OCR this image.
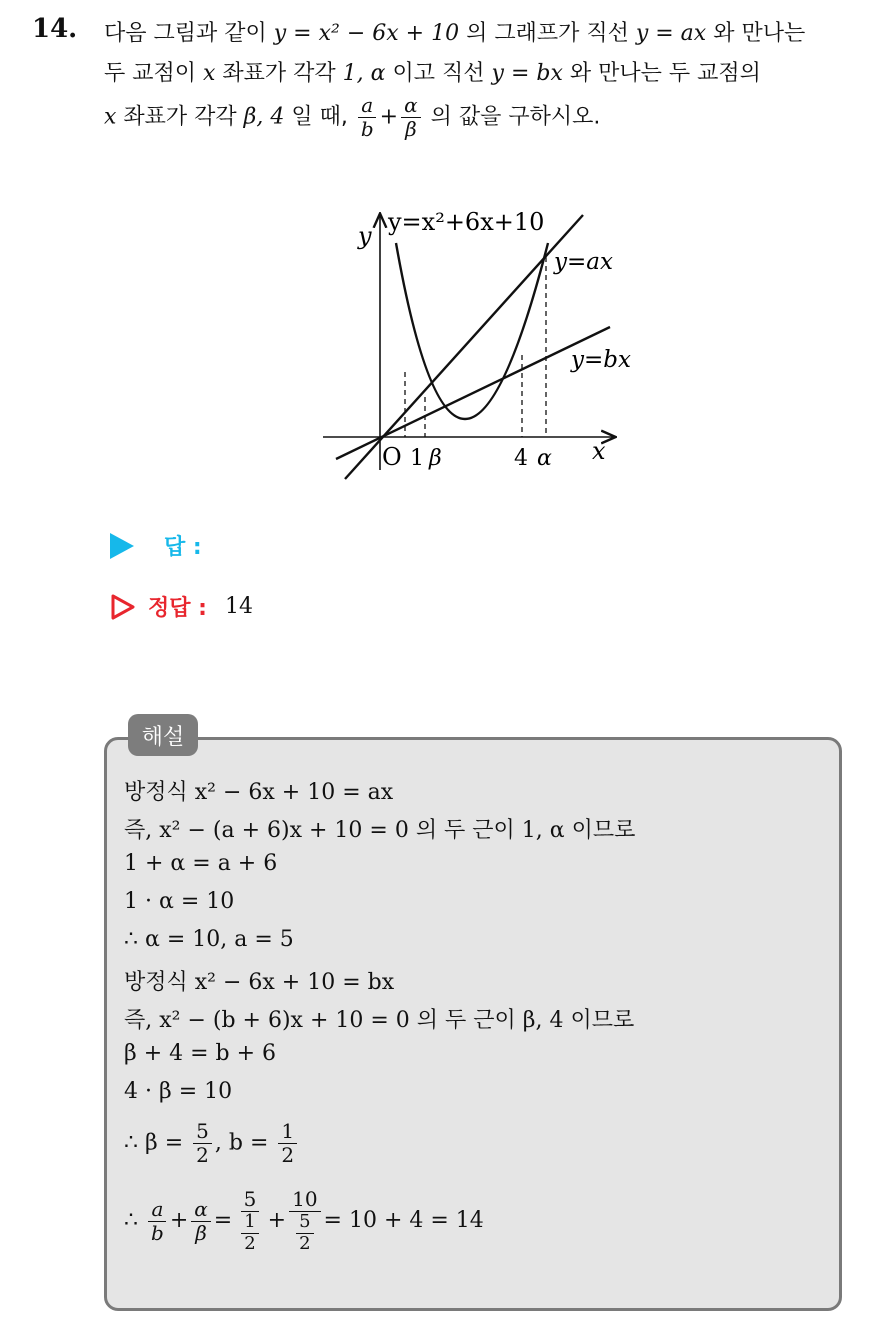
14. 다음 그림과 같이 y = x² − 6x + 10 의 그래프가 직선 y = ax 와 만나는
두 교점이 x 좌표가 각각 1, α 이고 직선 y = bx 와 만나는 두 교점의
x 좌표가 각각 β, 4 일 때, $\frac{a}{b} + \frac{\alpha}{\beta}$ 의 값을 구하시오.
y y=x²+6x+10
y=ax
y=bx
x
O 1 β	4 α
답 :
정답 : 14
해설
방정식 x² − 6x + 10 = ax
즉, x² − (a + 6)x + 10 = 0 의 두 근이 1, α 이므로
1 + α = a + 6
1 · α = 10
∴ α = 10, a = 5
방정식 x² − 6x + 10 = bx
즉, x² − (b + 6)x + 10 = 0 의 두 근이 β, 4 이므로
β + 4 = b + 6
4 · β = 10
∴ $\beta = \frac{5}{2}$ , $b = \frac{1}{2}$
∴ $\frac{a}{b} + \frac{\alpha}{\beta} = \frac{5}{\frac{1}{2}} + \frac{10}{\frac{5}{2}} = 10 + 4 = 14$
